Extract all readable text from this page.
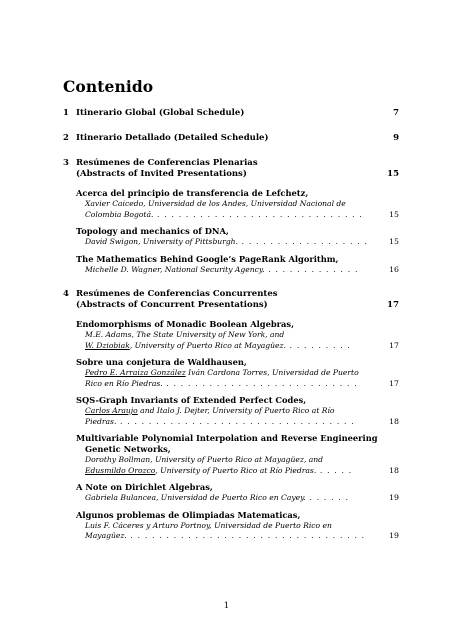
Contenido
1 Itinerario Global (Global Schedule)	7
2 Itinerario Detallado (Detailed Schedule)	9
3 Resúmenes de Conferencias Plenarias
(Abstracts of Invited Presentations)	15
Acerca del principio de transferencia de Lefchetz,
Xavier Caicedo, Universidad de los Andes, Universidad Nacional de
Colombia Bogotá. . . . . . . . . . . . . . . . . . . . . . . . . . . . . .	15
Topology and mechanics of DNA,
David Swigon, University of Pittsburgh. . . . . . . . . . . . . . . . . . .	15
The Mathematics Behind Google’s PageRank Algorithm,
Michelle D. Wagner, National Security Agency. . . . . . . . . . . . . .	16
4 Resúmenes de Conferencias Concurrentes
(Abstracts of Concurrent Presentations)	17
Endomorphisms of Monadic Boolean Algebras,
M.E. Adams, The State University of New York, and
W. Dziobiak, University of Puerto Rico at Mayagüez. . . . . . . . . .	17
Sobre una conjetura de Waldhausen,
Pedro E. Arraiza González Iván Cardona Torres, Universidad de Puerto
Rico en Río Piedras. . . . . . . . . . . . . . . . . . . . . . . . . . . .	17
SQS-Graph Invariants of Extended Perfect Codes,
Carlos Araujo and Italo J. Dejter, University of Puerto Rico at Río
Piedras. . . . . . . . . . . . . . . . . . . . . . . . . . . . . . . . . .	18
Multivariable Polynomial Interpolation and Reverse Engineering
Genetic Networks,
Dorothy Bollman, University of Puerto Rico at Mayagüez, and
Edusmildo Orozco, University of Puerto Rico at Río Piedras. . . . . .	18
A Note on Dirichlet Algebras,
Gabriela Bulancea, Universidad de Puerto Rico en Cayey. . . . . . .	19
Algunos problemas de Olimpiadas Matematicas,
Luis F. Cáceres y Arturo Portnoy, Universidad de Puerto Rico en
Mayagüez. . . . . . . . . . . . . . . . . . . . . . . . . . . . . . . . . .	19
1
